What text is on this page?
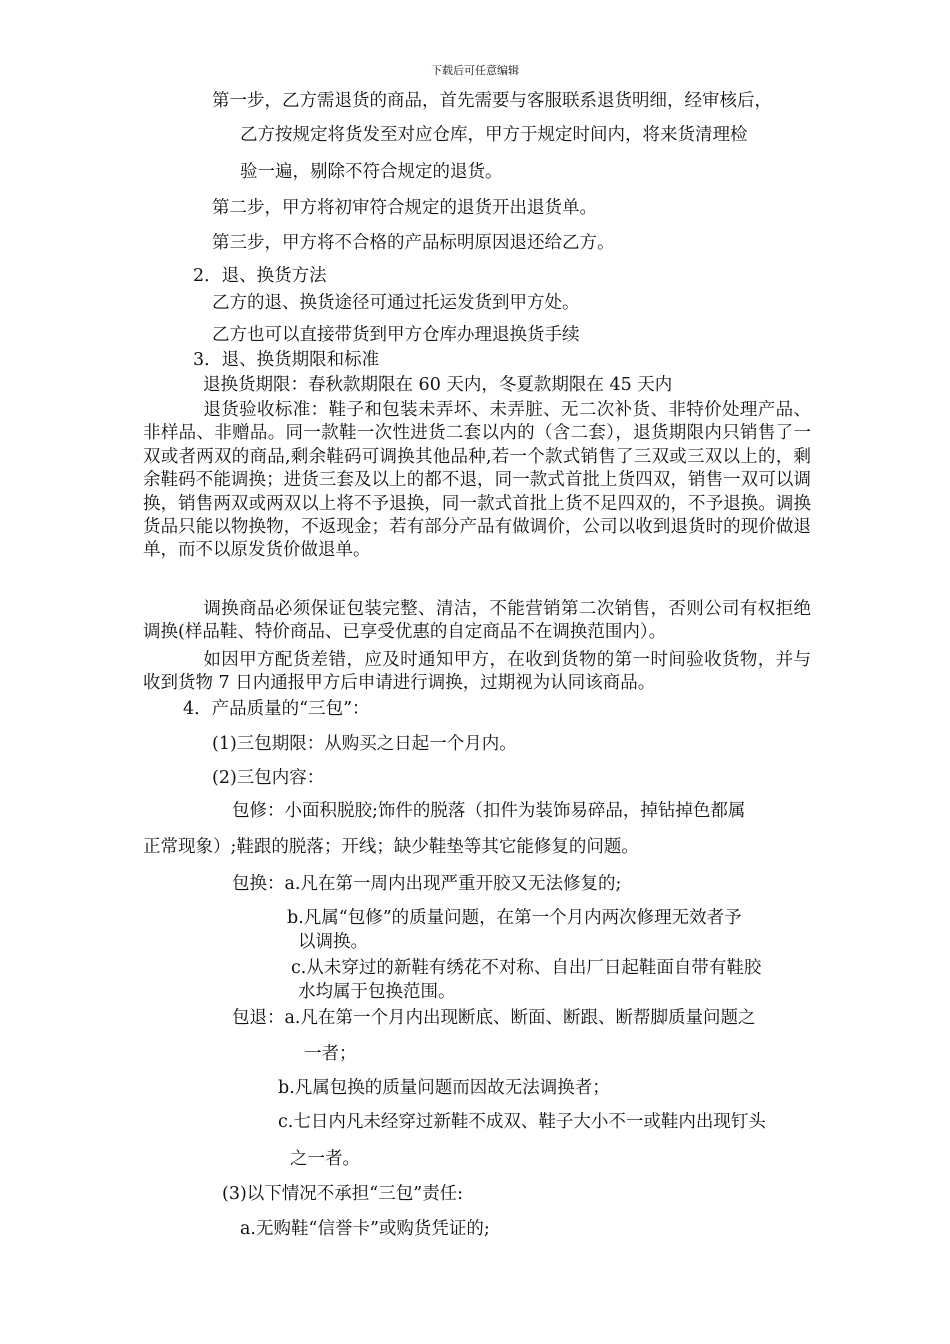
下载后可任意编辑
第一步，乙方需退货的商品，首先需要与客服联系退货明细，经审核后，
乙方按规定将货发至对应仓库，甲方于规定时间内，将来货清理检
验一遍，剔除不符合规定的退货。
第二步，甲方将初审符合规定的退货开出退货单。
第三步，甲方将不合格的产品标明原因退还给乙方。
2．退、换货方法
乙方的退、换货途径可通过托运发货到甲方处。
乙方也可以直接带货到甲方仓库办理退换货手续
3．退、换货期限和标准
退换货期限：春秋款期限在 60 天内，冬夏款期限在 45 天内
退货验收标准：鞋子和包装未弄坏、未弄脏、无二次补货、非特价处理产品、非样品、非赠品。同一款鞋一次性进货二套以内的（含二套），退货期限内只销售了一双或者两双的商品,剩余鞋码可调换其他品种,若一个款式销售了三双或三双以上的，剩余鞋码不能调换；进货三套及以上的都不退，同一款式首批上货四双，销售一双可以调换，销售两双或两双以上将不予退换，同一款式首批上货不足四双的，不予退换。调换货品只能以物换物，不返现金；若有部分产品有做调价，公司以收到退货时的现价做退单，而不以原发货价做退单。
调换商品必须保证包装完整、清洁，不能营销第二次销售，否则公司有权拒绝调换(样品鞋、特价商品、已享受优惠的自定商品不在调换范围内）。
如因甲方配货差错，应及时通知甲方，在收到货物的第一时间验收货物，并与收到货物 7 日内通报甲方后申请进行调换，过期视为认同该商品。
4．产品质量的“三包”：
(1)三包期限：从购买之日起一个月内。
(2)三包内容：
包修：小面积脱胶;饰件的脱落（扣件为装饰易碎品，掉钻掉色都属
正常现象）;鞋跟的脱落；开线；缺少鞋垫等其它能修复的问题。
包换：a.凡在第一周内出现严重开胶又无法修复的;
b.凡属“包修”的质量问题，在第一个月内两次修理无效者予
以调换。
c.从未穿过的新鞋有绣花不对称、自出厂日起鞋面自带有鞋胶
水均属于包换范围。
包退：a.凡在第一个月内出现断底、断面、断跟、断帮脚质量问题之
一者；
b.凡属包换的质量问题而因故无法调换者；
c.七日内凡未经穿过新鞋不成双、鞋子大小不一或鞋内出现钉头
之一者。
(3)以下情况不承担“三包”责任:
a.无购鞋“信誉卡”或购货凭证的;
